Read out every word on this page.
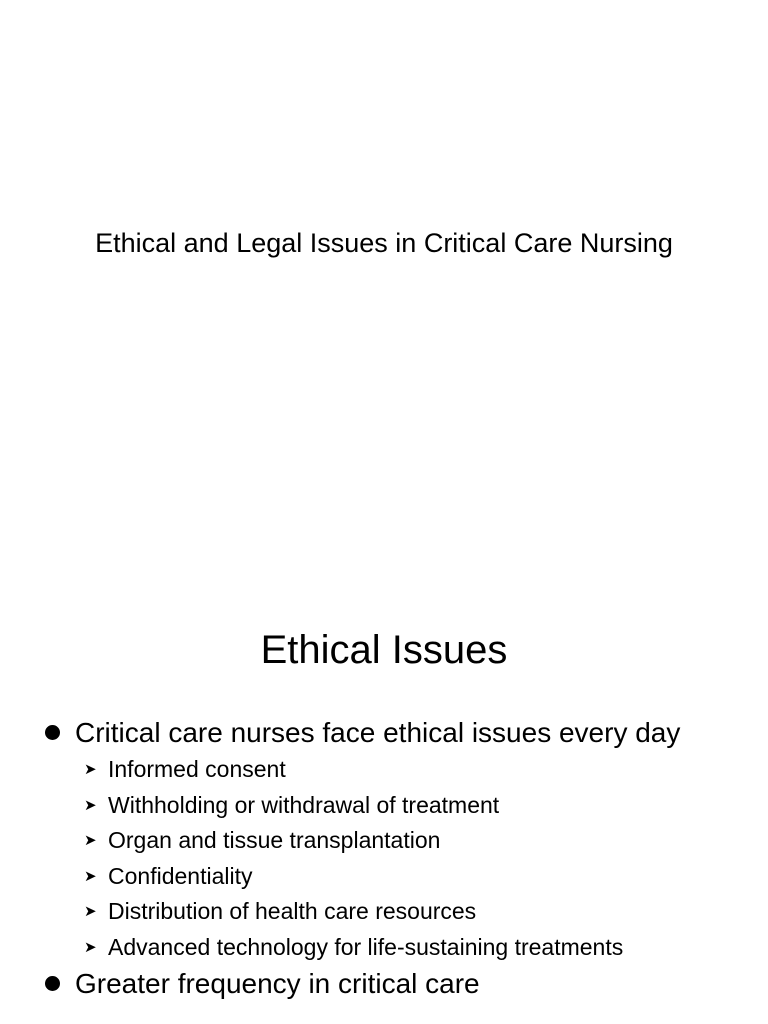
Ethical and Legal Issues in Critical Care Nursing
Ethical Issues
Critical care nurses face ethical issues every day
➤ Informed consent
➤ Withholding or withdrawal of treatment
➤ Organ and tissue transplantation
➤ Confidentiality
➤ Distribution of health care resources
➤ Advanced technology for life-sustaining treatments
Greater frequency in critical care
